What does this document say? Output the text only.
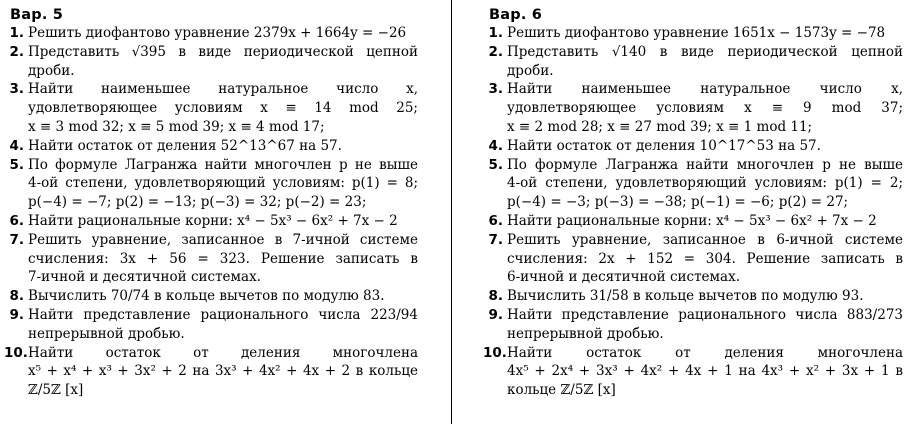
Вар. 5
1. Решить диофантово уравнение 2379x + 1664y = −26
2. Представить √395 в виде периодической цепной
дроби.
3. Найти наименьшее натуральное число x,
удовлетворяющее условиям x ≡ 14 mod 25;
x ≡ 3 mod 32; x ≡ 5 mod 39; x ≡ 4 mod 17;
4. Найти остаток от деления 52^13^67 на 57.
5. По формуле Лагранжа найти многочлен p не выше
4-ой степени, удовлетворяющий условиям: p(1) = 8;
p(−4) = −7; p(2) = −13; p(−3) = 32; p(−2) = 23;
6. Найти рациональные корни: x⁴ − 5x³ − 6x² + 7x − 2
7. Решить уравнение, записанное в 7-ичной системе
счисления: 3x + 56 = 323. Решение записать в
7-ичной и десятичной системах.
8. Вычислить 70/74 в кольце вычетов по модулю 83.
9. Найти представление рационального числа 223/94
непрерывной дробью.
10. Найти остаток от деления многочлена
x⁵ + x⁴ + x³ + 3x² + 2 на 3x³ + 4x² + 4x + 2 в кольце
ℤ/5ℤ [x]
Вар. 6
1. Решить диофантово уравнение 1651x − 1573y = −78
2. Представить √140 в виде периодической цепной
дроби.
3. Найти наименьшее натуральное число x,
удовлетворяющее условиям x ≡ 9 mod 37;
x ≡ 2 mod 28; x ≡ 27 mod 39; x ≡ 1 mod 11;
4. Найти остаток от деления 10^17^53 на 57.
5. По формуле Лагранжа найти многочлен p не выше
4-ой степени, удовлетворяющий условиям: p(1) = 2;
p(−4) = −3; p(−3) = −38; p(−1) = −6; p(2) = 27;
6. Найти рациональные корни: x⁴ − 5x³ − 6x² + 7x − 2
7. Решить уравнение, записанное в 6-ичной системе
счисления: 2x + 152 = 304. Решение записать в
6-ичной и десятичной системах.
8. Вычислить 31/58 в кольце вычетов по модулю 93.
9. Найти представление рационального числа 883/273
непрерывной дробью.
10. Найти остаток от деления многочлена
4x⁵ + 2x⁴ + 3x³ + 4x² + 4x + 1 на 4x³ + x² + 3x + 1 в
кольце ℤ/5ℤ [x]
